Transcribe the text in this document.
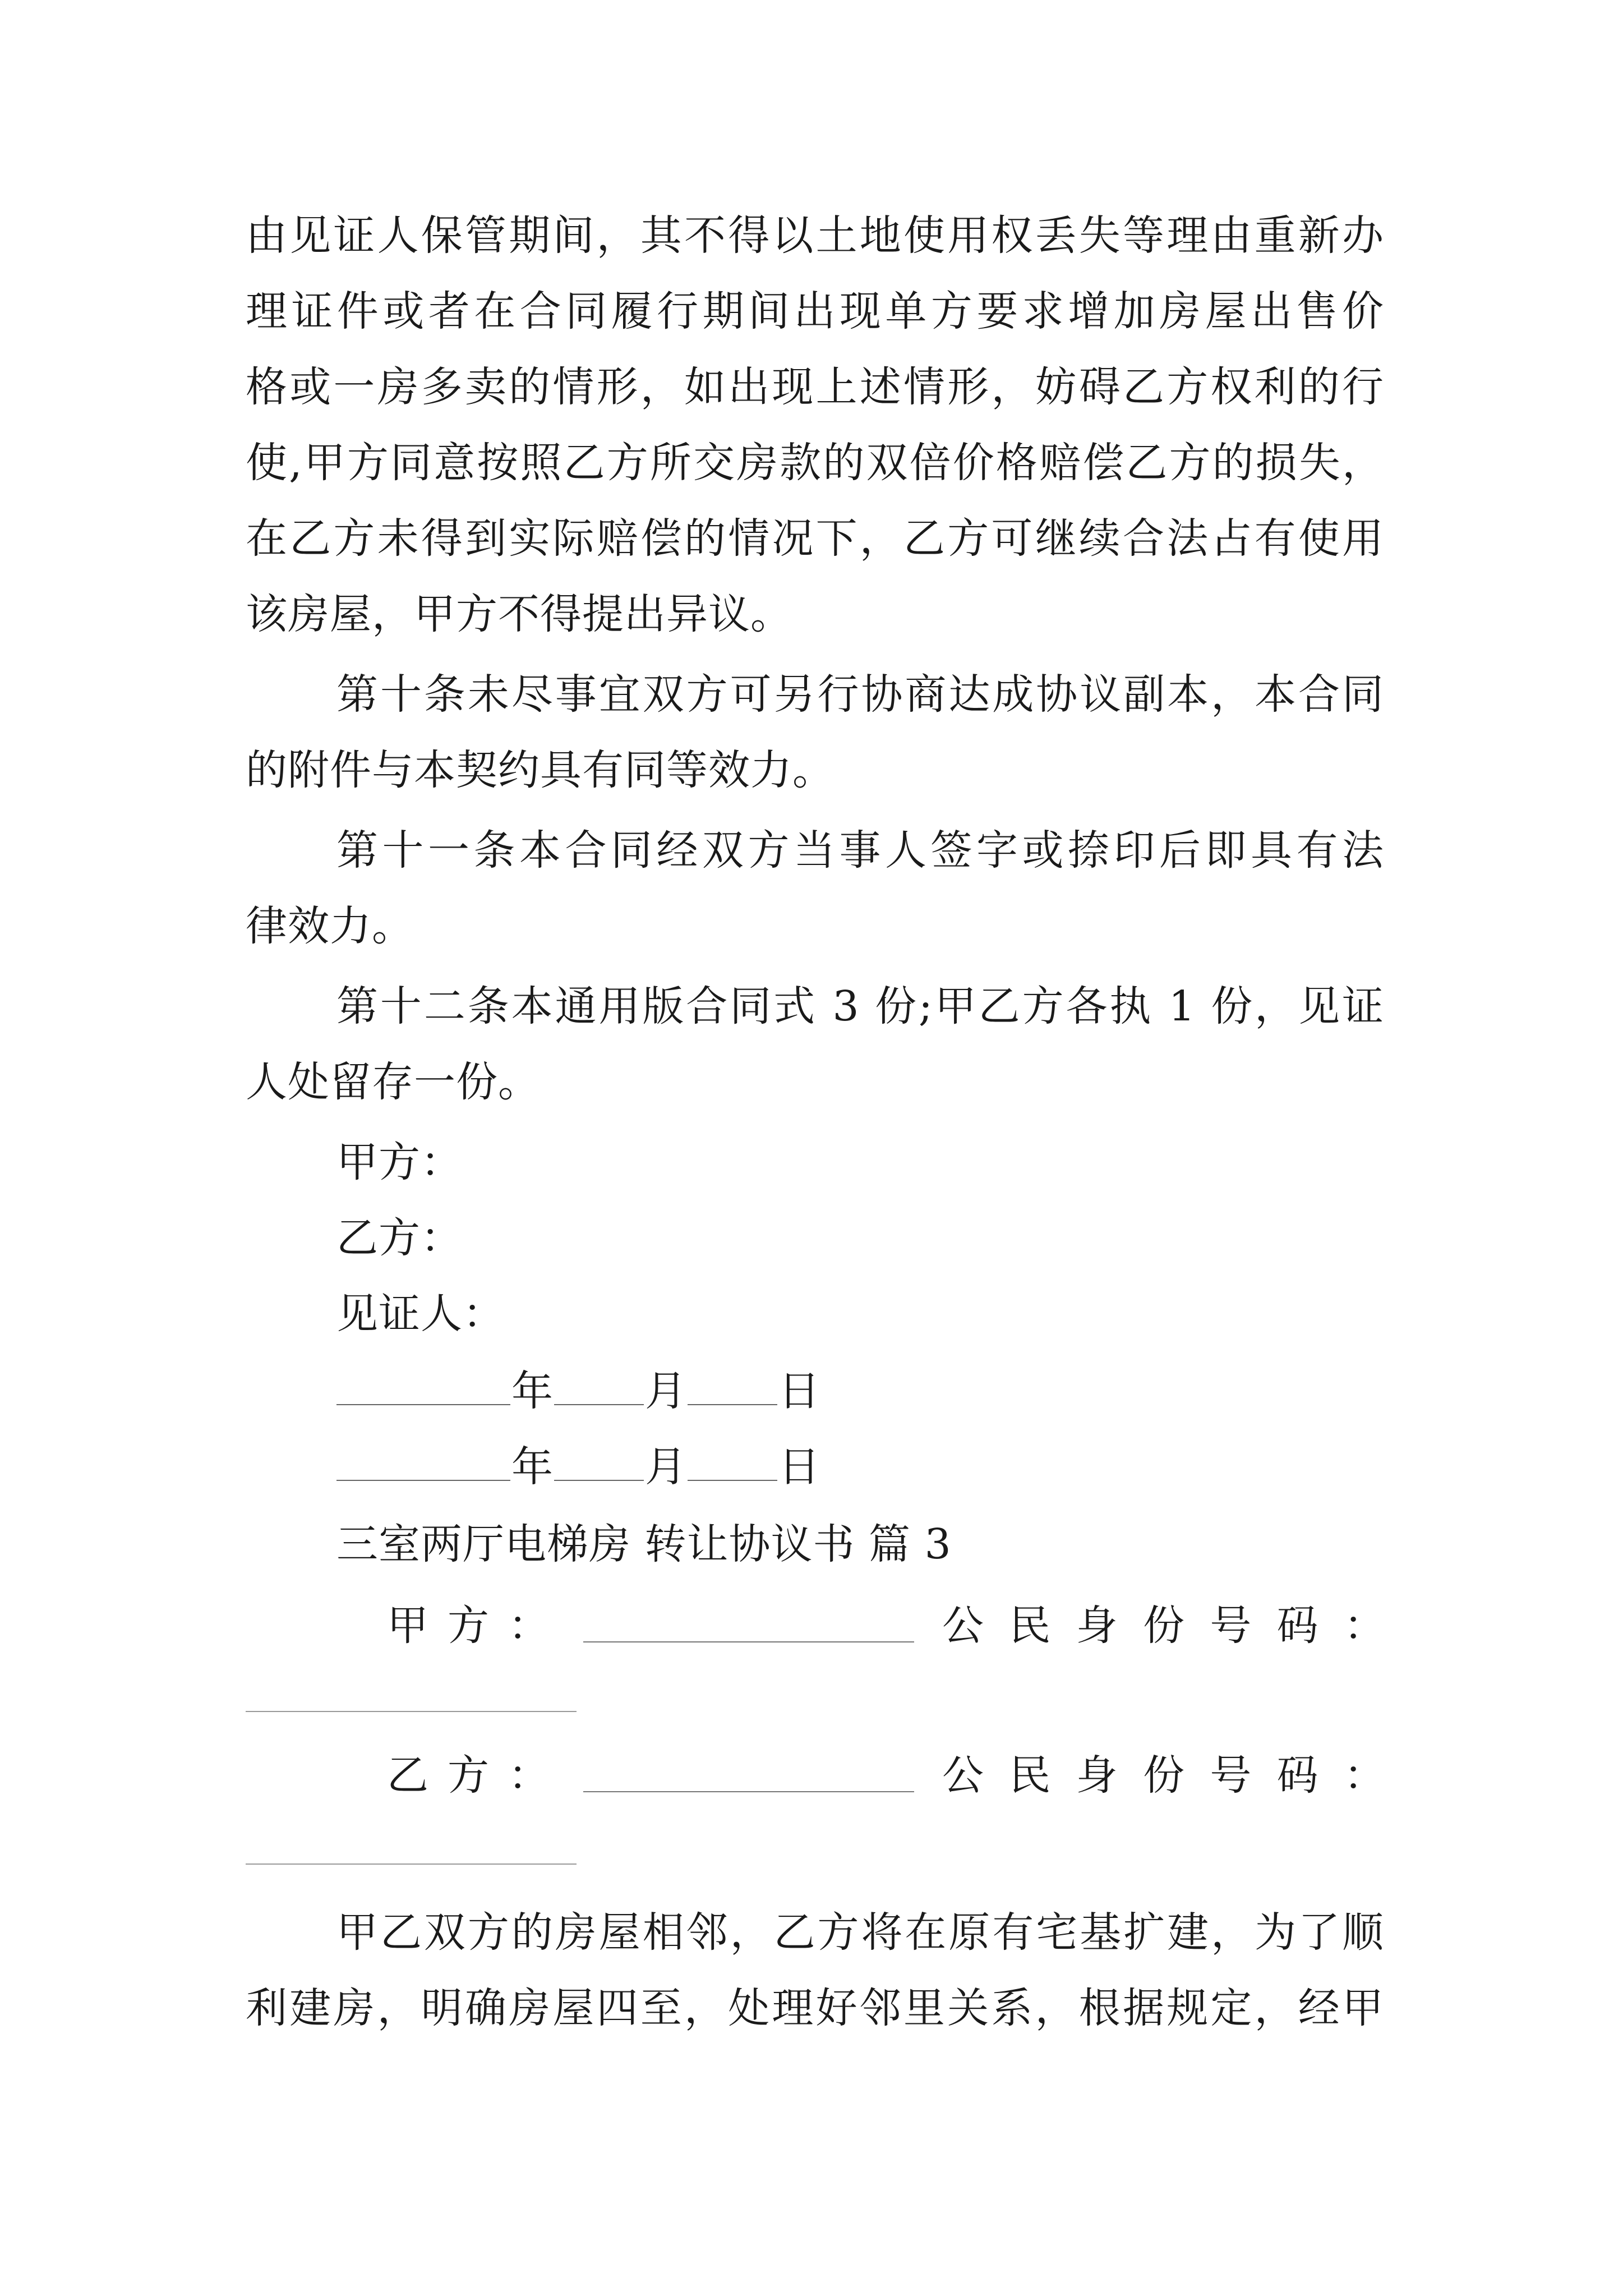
由见证人保管期间，其不得以土地使用权丢失等理由重新办
理证件或者在合同履行期间出现单方要求增加房屋出售价
格或一房多卖的情形，如出现上述情形，妨碍乙方权利的行
使,甲方同意按照乙方所交房款的双倍价格赔偿乙方的损失，
在乙方未得到实际赔偿的情况下，乙方可继续合法占有使用
该房屋，甲方不得提出异议。
第十条未尽事宜双方可另行协商达成协议副本，本合同
的附件与本契约具有同等效力。
第十一条本合同经双方当事人签字或捺印后即具有法
律效力。
第十二条本通用版合同式 3 份;甲乙方各执 1 份，见证
人处留存一份。
甲方：
乙方：
见证人：
年 月 日
年 月 日
三室两厅电梯房 转让协议书 篇 3
甲方：	公民身份号码：
乙方：	公民身份号码：
甲乙双方的房屋相邻，乙方将在原有宅基扩建，为了顺
利建房，明确房屋四至，处理好邻里关系，根据规定，经甲
